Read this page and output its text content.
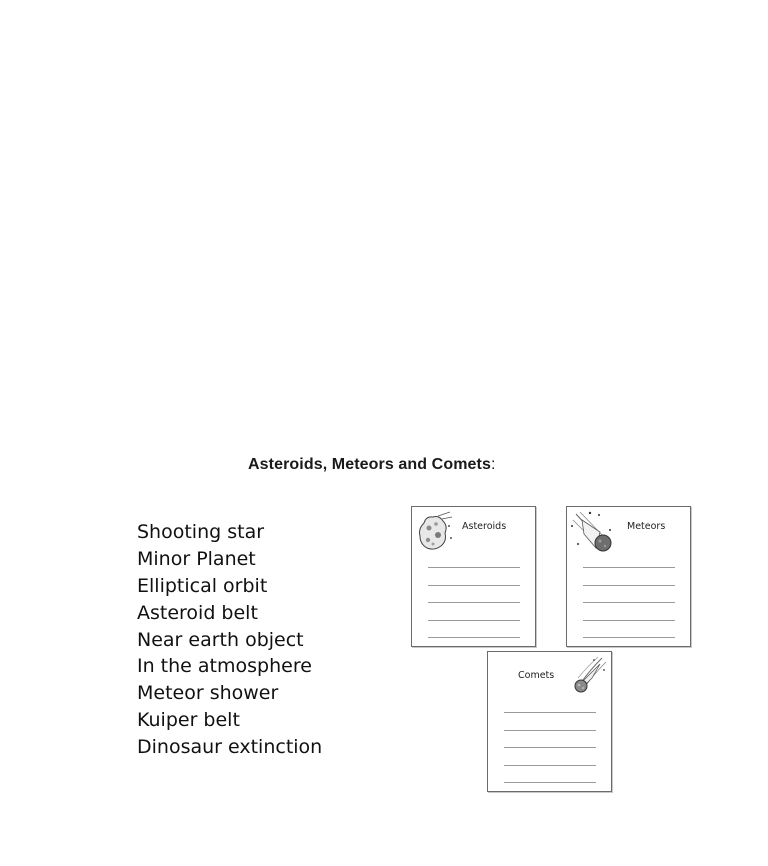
Asteroids, Meteors and Comets:
Shooting star
Minor Planet
Elliptical orbit
Asteroid belt
Near earth object
In the atmosphere
Meteor shower
Kuiper belt
Dinosaur extinction
Asteroids	Meteors
Comets
